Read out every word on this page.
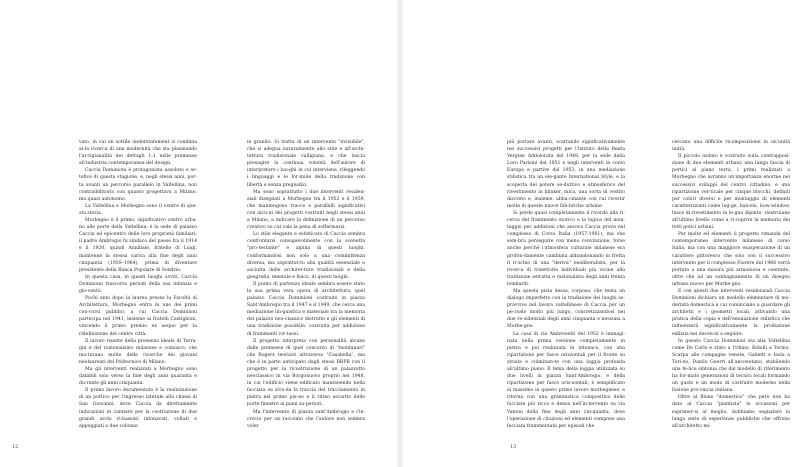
vato, in cui un sottile understatement si combina al-la ricerca di una modernità che sta plasmando l'ar-tigianalità dei dettagli 1:1 nelle premesse all'industria contemporanea del design.

Caccia Dominioni è protagonista assoluto e ar-tefice di questa stagione, e, negli stessi anni, por-ta avanti un percorso parallelo in Valtellina, non contraddittorio con quanto progettava a Milano, ma quasi autonomo.

La Valtellina e Morbegno sono il centro di que-sta storia.

Morbegno è il primo, significativo centro urba-no alle porte della Valtellina; è la sede di palazzo Caccia ed epicentro delle loro proprietà familiari; il padre Ambrogio fu sindaco del paese fra il 1914 e il 1920, quindi Annibale, fratello di Luigi, mantenne la stessa carica alla fine degli anni cinquanta (1959–1964), prima di diventare presidente della Banca Popolare di Sondrio.

In questa casa, in questi luoghi avvìti, Caccia Dominioni trascorre periodi della sua infanzia e gio-ventù.

Pochi anni dopo la laurea presso la Facoltà di Architettura, Morbegno entra in uno dei primi con-corsi pubblici a cui Caccia Dominioni partecipa nel 1941, insieme ai fratelli Castiglioni, vincendo il primo premio ex aequo per la ridefinizione del centro città.

Il lavoro risente della presenza ideale di Terra-gni e del razionalismo milanese e comasco; che ma-turano molte delle ricerche dei giovani neolaureati del Politecnico di Milano.

Ma gli interventi realizzati a Morbegno sono databili solo verso la fine degli anni quaranta e du-rante gli anni cinquanta.

Il primo lavoro documentato è la realizzazione di un portico per l'ingresso laterale alla chiesa di San Giovanni, dove Caccia da direttamente indicazioni in cantiere per la costruzione di due grandi archi ri-bassati intonacati, voltati e appoggiati a due colonne

in granito. Si tratta di un intervento "invisibile", che si adegua naturalmente allo stile e all'archi-tettura tradizionale valligiana, e che lascia presagire la continua volontà dell'autore di interpretare i luo-ghi in cui interviene, rileggendo i linguaggi e le for-mule della tradizione con libertà e senza pregiudizi.

Ma sono soprattutto i due interventi residen-ziali disegnati a Morbegno tra il 1952 e il 1959, che mantengono tracce e parallelli significativi con alcu-ni dei progetti costruiti negli stessi anni a Milano, a indicare la definizione di un percorso creativo su cui vale la pena di soffermarsi.

Lo stile elegante e sofisticato di Caccia sembra confrontarsi consapevolmente con la scenetta "pro-testante" e alpina di questi luoghi, conformandosi non solo a una committenza diversa, ma soprattut-to alla qualità essenziale e asciutta delle architet-ture tradizionali e della geografia, mentale e fisica, di questi luoghi.

Il punto di partenza ideale sembra essere stato la sua prima vera opera di architettura, quel palazzo Caccia Dominioni costruito in piazza Sant'Ambrogio tra il 1947 e il 1949, che cerca una mediazione lin-guistica e materiale tra la memoria del palazzo neo-classico distrutto e gli elementi di una tradizione possibile, costruita per addizione di frammenti vir-tuosi.

Il progetto interpreta con personalità alcune delle premesse di quel concorso di "montanari" che Rogers teorizzò attraverso "Casabella", ma che è in parte anticipato dagli stessi BBPR con il progetto per la ricostruzione di un palazzotto neoclassico in via Borgonuovo proprio nel 1948, in cui l'edificio viene edificato mantenendo nella facciata su stra-da la traccia del tracciamento in pietra nel primo pia-no e il ritmo asciutto delle porte finestre ai piani su-periori.

Ma l'intervento di piazza sant'Ambrogio e l'in-crocio per un racconto che l'autore non sembra voler

12

più portare avanti, scartando significativamente nei successivi progetti per l'Istituto della Beata Vergine Addolorata del 1948, per la sede della Loro Parisini del 1951 e negli interventi in corso Europa e partire dal 1953, in una mediazione stilistica tra un ele-gante International Style, e la scoperta del potere se-duttivo e atmosferico del rivestimento in klinker, mica, una sorta di vestito discreto e, insieme, abba-cinante con cui rivestir molte di queste nuove fab-briche urbane.

Si perde quasi completamente il ricordo alla ri-cerca del frammento storico e la logica del mon-taggio per addizioni che ancora Caccia prova nel complesso di Corso Italia (1957-1961), ma che sem-bra perseguire con meno convinzione, forse anche perché l'atmosfera culturale milanese era profon-damente cambiata abbandonando in fretta il ri-schio di una "deriva" neoliberalista, per la ricerca di traiettorie individuali più vicine alla tradizione astratta e razionalista degli anni trenta lombardi.

Ma questa pista dessa, corposa, che tenta un dialogo imperfetto con la tradizione dei luoghi so-pravvive nel lavoro valtellinese di Caccia per un pe-riodo molto più lungo, concretizzandosi nei due re-sidenziali degli anni cinquanta e nessuna a Morbe-gno.

La casa di via Ambrosetti del 1952 è immagi-nata nella prima versione completamente in pietra e poi realizzata in intonaco, con una ripartizione per fasce orizzontali per il fronte su strada e culminan-te con una loggia profonda all'ultimo piano. Il tema della loggia utilizzata su due livelli in piazza Sant'Ambrogio, e della ripartizione per fasce oriz-zontali, è semplificato al massimo in questo primo lavoro morbegnese, e ritorna con una grammatica compositiva delle facciate più ricca e densa nell'in-tervento su via Vanoni della fine degli anni cin-quanta, dove l'operazione di citazioni ed elementi compone una facciata frammentata per episodi che

cercano una difficile ricomposizione in un'unità unità.

Il piccolo isolato è costruito sulla contrapposi-zione di due elementi urbani: una lunga fascia di portici al piano terra, i primi realizzati a Morbegno che avranno un'importanza enorme nei successivi sviluppi del centro cittadino, e una ripartizione ver-ticale per cinque blocchi, definiti per colori diversi e per montaggio di elementi caratterizzanti come log-ge, balconi, bow-window, fasce di rivestimento in le-gno dipinto, riestruiane all'ultimo livello come a ri-coprire la memoria dei tetti gotici urbani.

Per molte ed elementi il progetto rimanda del contemporaneo intervento milanese di corso Italia, ma con una maggiore esasperazione di un carattere pittoresco che solo con il successivo intervento per il complesso Fiorere del 1968 verrà portato a una misura più armoniosa e coerente, oltre che ad un sobbagnamento di un disegno urbano nuovo per Morbe-gno.

E con questi due interventi residenziali Caccia Dominioni dichiara un modello elementare di mo-dernità domestica a cui cominciano a guardare gli architetti e i geometri locali, attivando una pratica della copia e dell'emulazione stilistica che influenzerà significativamente la produzione edilizia nei decen-ni a seguire.

In questo Caccia Dominioni sta alla Valtellina come De Carlo è stato a Urbino, Bidolli a Torino, Scarpa alle campagne venete, Gabetti e Isola a Tori-no, Danilo Guerri all'anconetano, stabilendo una fe-lice sintonia che dal modello di riferimento ha for-mato generazioni di tecnici locali formando un gusto e un modo di costruire moderno nella fusione pro-vincia italiana.

Oltre al filone "domestico" che però non ha dato al Caccia "piantista" le occasioni per esprimer-si al meglio, dobbiamo segnalare la lunga serie di esperienze pubbliche che offrono all'architetto mi-

13
